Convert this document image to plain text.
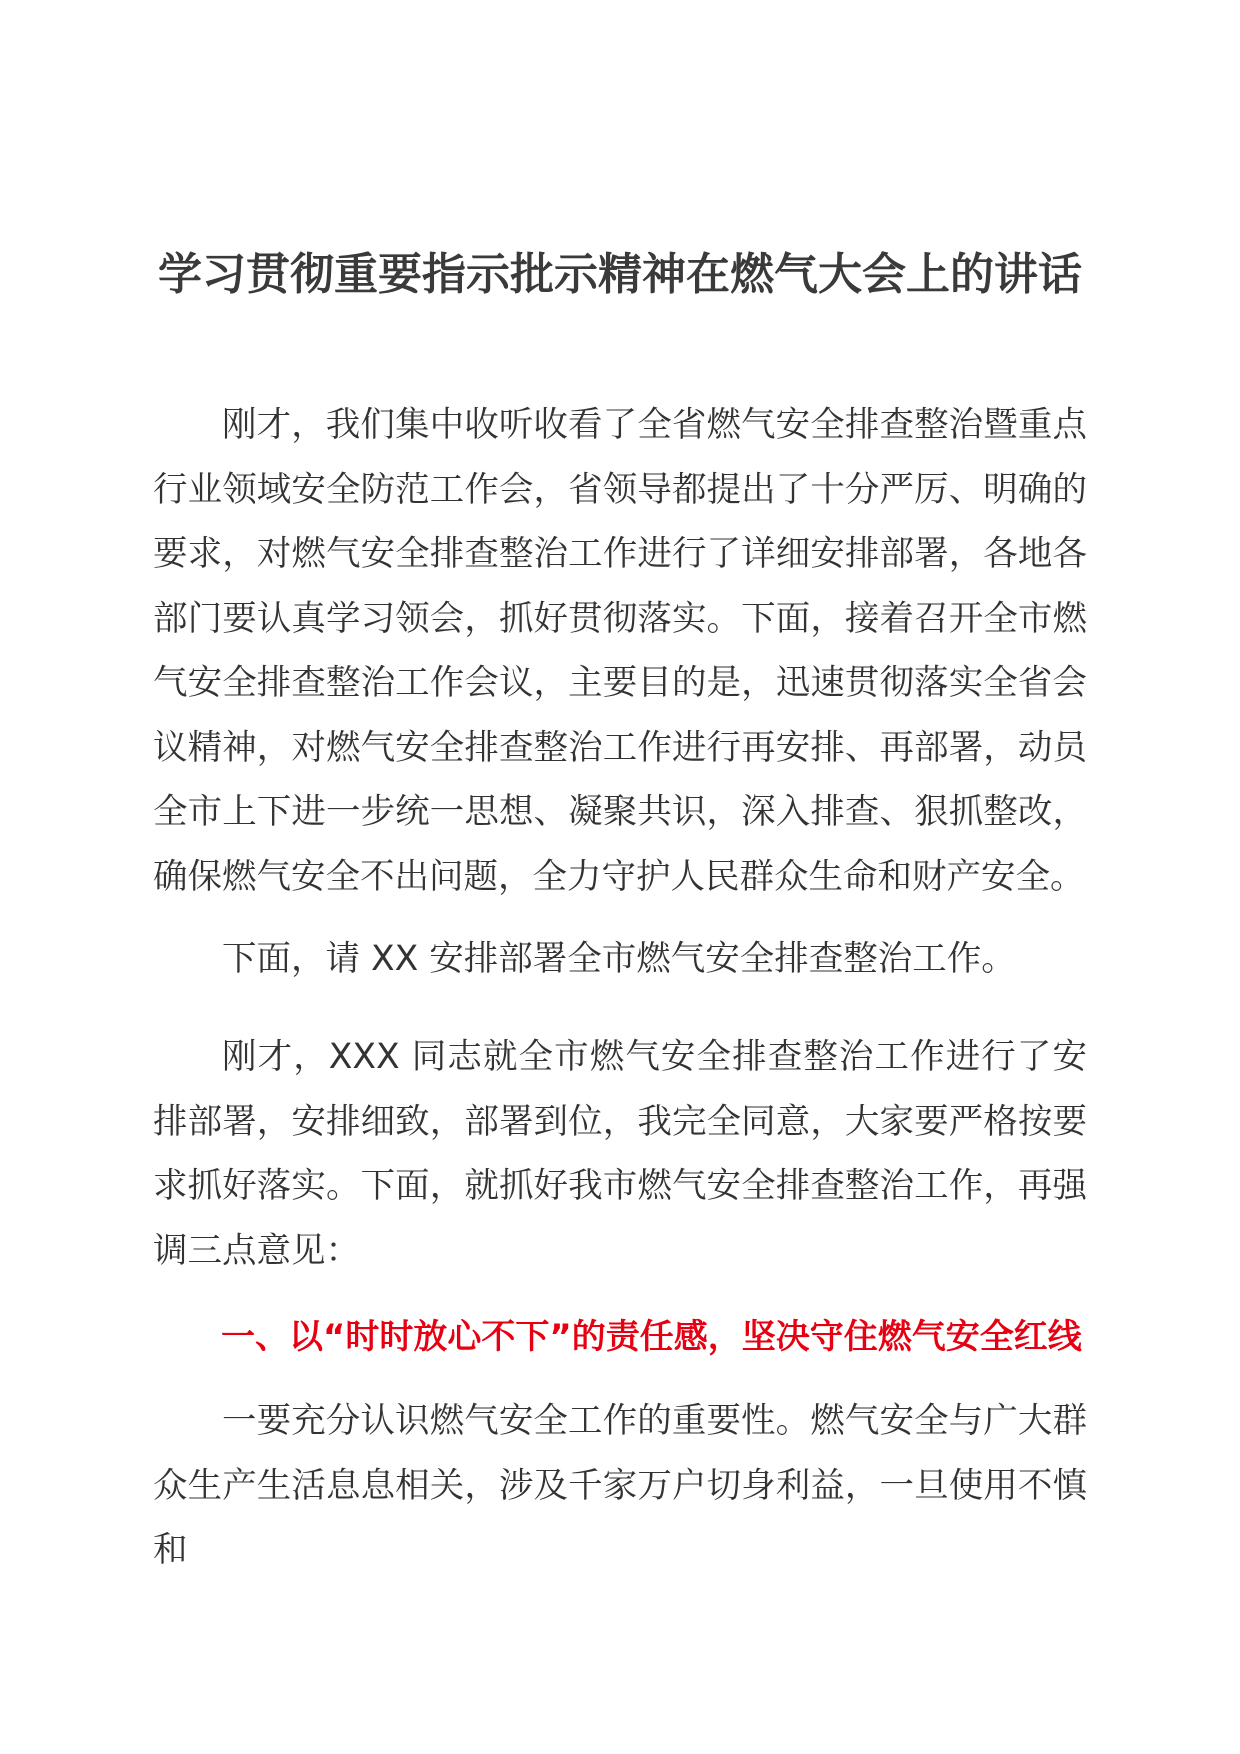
学习贯彻重要指示批示精神在燃气大会上的讲话

刚才，我们集中收听收看了全省燃气安全排查整治暨重点行业领域安全防范工作会，省领导都提出了十分严厉、明确的要求，对燃气安全排查整治工作进行了详细安排部署，各地各部门要认真学习领会，抓好贯彻落实。下面，接着召开全市燃气安全排查整治工作会议，主要目的是，迅速贯彻落实全省会议精神，对燃气安全排查整治工作进行再安排、再部署，动员全市上下进一步统一思想、凝聚共识，深入排查、狠抓整改，确保燃气安全不出问题，全力守护人民群众生命和财产安全。

下面，请 XX 安排部署全市燃气安全排查整治工作。

刚才，XXX 同志就全市燃气安全排查整治工作进行了安排部署，安排细致，部署到位，我完全同意，大家要严格按要求抓好落实。下面，就抓好我市燃气安全排查整治工作，再强调三点意见：

一、以“时时放心不下”的责任感，坚决守住燃气安全红线

一要充分认识燃气安全工作的重要性。燃气安全与广大群众生产生活息息相关，涉及千家万户切身利益，一旦使用不慎和
